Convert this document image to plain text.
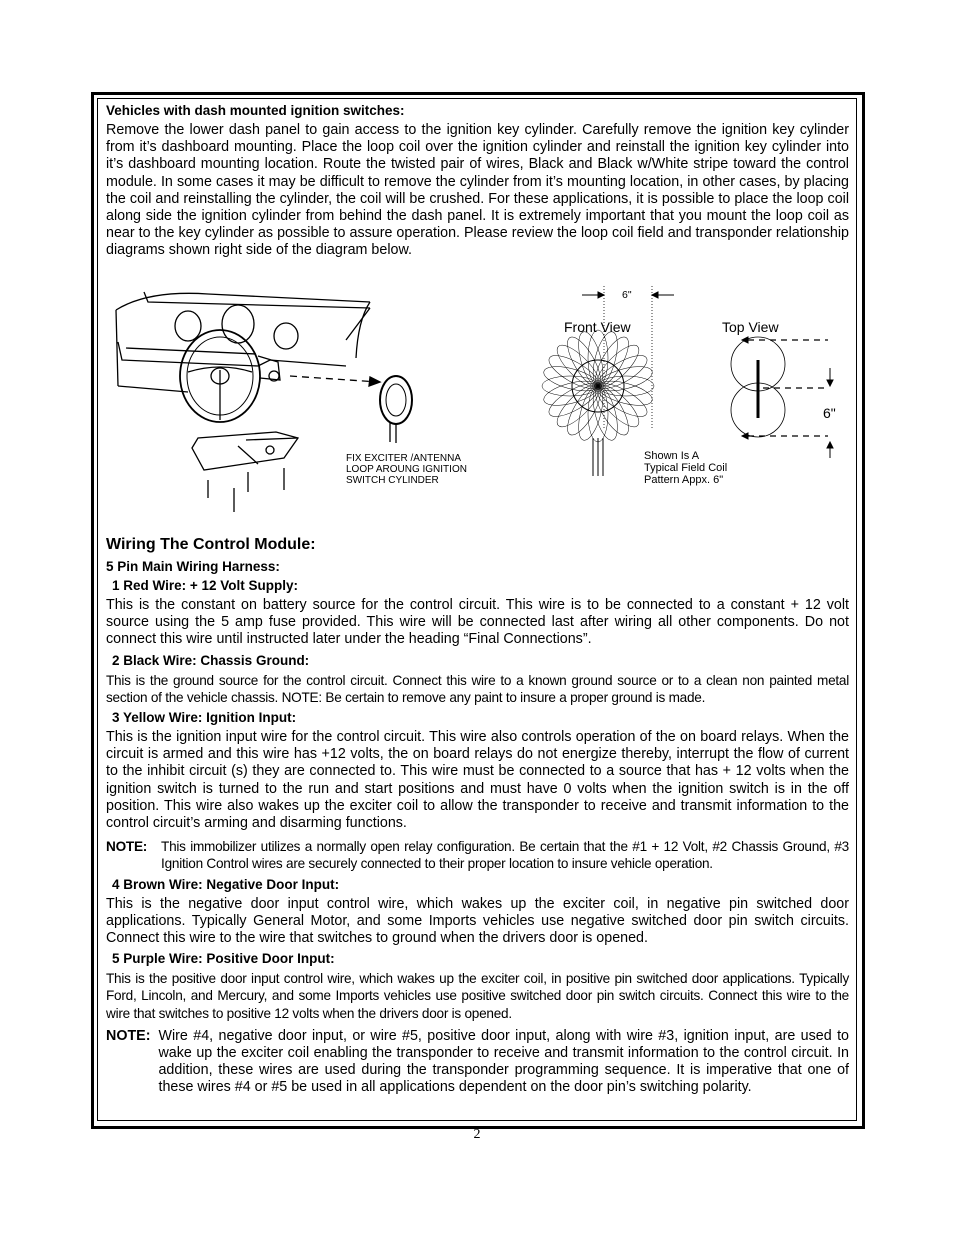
Vehicles with dash mounted ignition switches:

Remove the lower dash panel to gain access to the ignition key cylinder. Carefully remove the ignition key cylinder from it’s dashboard mounting. Place the loop coil over the ignition cylinder and reinstall the ignition key cylinder into it’s dashboard mounting location. Route the twisted pair of wires, Black and Black w/White stripe toward the control module. In some cases it may be difficult to remove the cylinder from it’s mounting location, in other cases, by placing the coil and reinstalling the cylinder, the coil will be crushed. For these applications, it is possible to place the loop coil along side the ignition cylinder from behind the dash panel. It is extremely important that you mount the loop coil as near to the key cylinder as possible to assure operation. Please review the loop coil field and transponder relationship diagrams shown right side of the diagram below.

FIX EXCITER /ANTENNA
LOOP AROUNG IGNITION
SWITCH CYLINDER
6"
Front View	Top View
6"
Shown Is A
Typical Field Coil
Pattern Appx. 6"

Wiring The Control Module:

5 Pin Main Wiring Harness:

1 Red Wire: + 12 Volt Supply:

This is the constant on battery source for the control circuit. This wire is to be connected to a constant + 12 volt source using the 5 amp fuse provided. This wire will be connected last after wiring all other components. Do not connect this wire until instructed later under the heading “Final Connections”.

2 Black Wire: Chassis Ground:

This is the ground source for the control circuit. Connect this wire to a known ground source or to a clean non painted metal section of the vehicle chassis. NOTE: Be certain to remove any paint to insure a proper ground is made.

3 Yellow Wire: Ignition Input:

This is the ignition input wire for the control circuit. This wire also controls operation of the on board relays. When the circuit is armed and this wire has +12 volts, the on board relays do not energize thereby, interrupt the flow of current to the inhibit circuit (s) they are connected to. This wire must be connected to a source that has + 12 volts when the ignition switch is turned to the run and start positions and must have 0 volts when the ignition switch is in the off position. This wire also wakes up the exciter coil to allow the transponder to receive and transmit information to the control circuit’s arming and disarming functions.

NOTE: This immobilizer utilizes a normally open relay configuration. Be certain that the #1 + 12 Volt, #2 Chassis Ground, #3 Ignition Control wires are securely connected to their proper location to insure vehicle operation.

4 Brown Wire: Negative Door Input:

This is the negative door input control wire, which wakes up the exciter coil, in negative pin switched door applications. Typically General Motor, and some Imports vehicles use negative switched door pin switch circuits. Connect this wire to the wire that switches to ground when the drivers door is opened.

5 Purple Wire: Positive Door Input:

This is the positive door input control wire, which wakes up the exciter coil, in positive pin switched door applications. Typically Ford, Lincoln, and Mercury, and some Imports vehicles use positive switched door pin switch circuits. Connect this wire to the wire that switches to positive 12 volts when the drivers door is opened.

NOTE: Wire #4, negative door input, or wire #5, positive door input, along with wire #3, ignition input, are used to wake up the exciter coil enabling the transponder to receive and transmit information to the control circuit. In addition, these wires are used during the transponder programming sequence. It is imperative that one of these wires #4 or #5 be used in all applications dependent on the door pin’s switching polarity.
2
